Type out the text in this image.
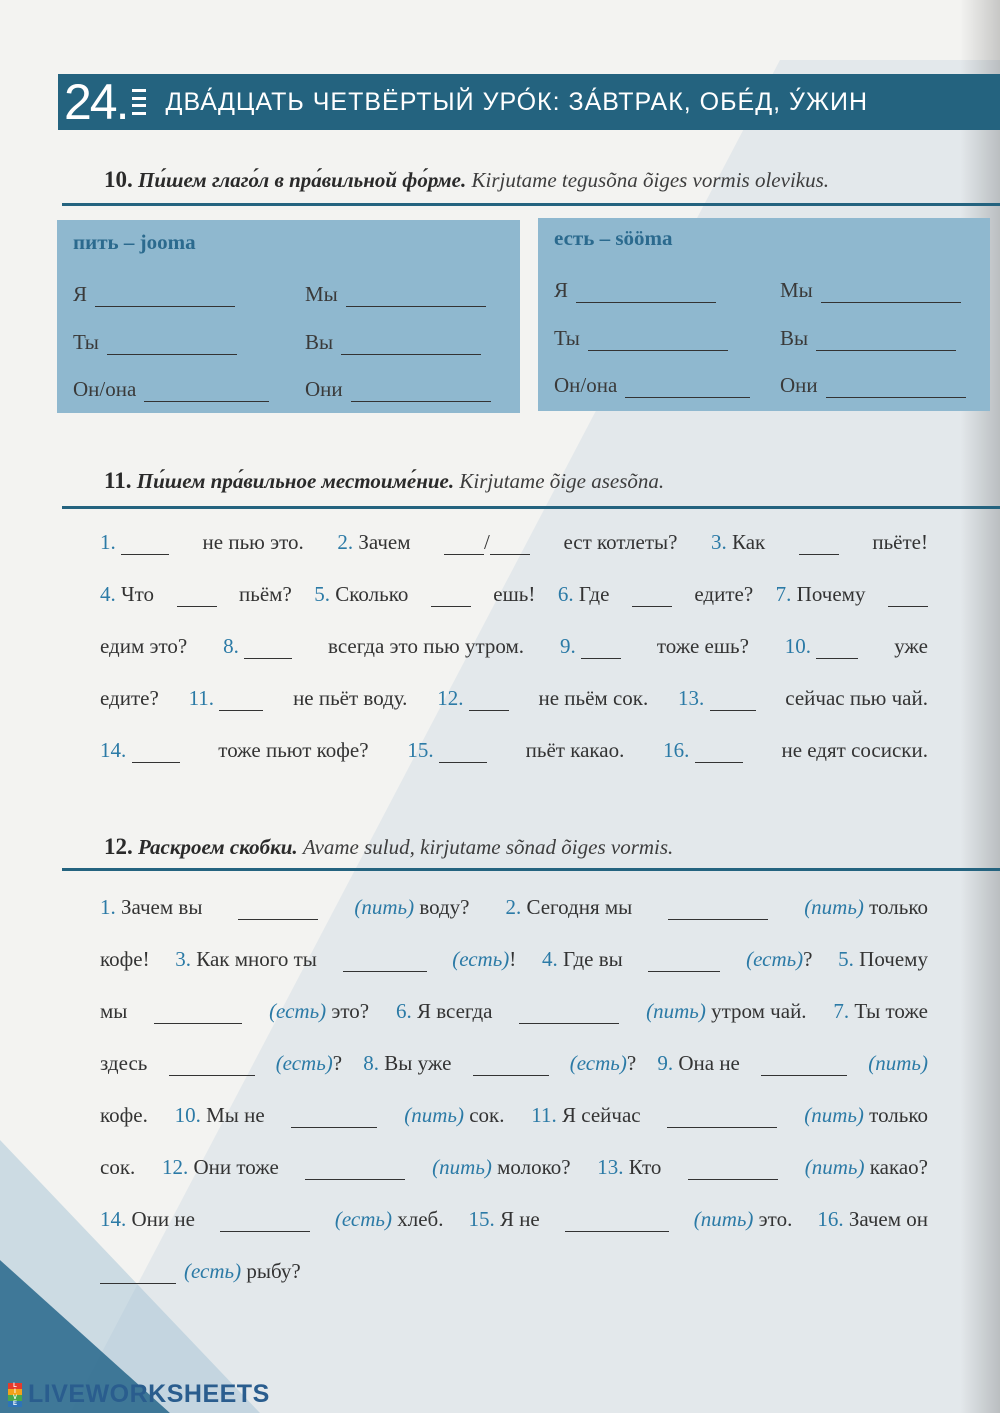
24. ДВА́ДЦАТЬ ЧЕТВЁРТЫЙ УРО́К: ЗА́ВТРАК, ОБЕ́Д, У́ЖИН
10. Пи́шем глаго́л в пра́вильной фо́рме. Kirjutame tegusõna õiges vormis olevikus.
пить – jooma
Я	Мы
Ты	Вы
Он/она	Они
есть – sööma
Я	Мы
Ты	Вы
Он/она	Они
11. Пи́шем пра́вильное местоиме́ние. Kirjutame õige asesõna.
1.	не пью это. 2. Зачем	/	ест котлеты? 3. Как	пьёте!
4. Что	пьём? 5. Сколько	ешь! 6. Где	едите? 7. Почему
едим это? 8.	всегда это пью утром. 9.	тоже ешь? 10.	уже
едите? 11.	не пьёт воду. 12.	не пьём сок. 13.	сейчас пью чай.
14.	тоже пьют кофе? 15.	пьёт какао. 16.	не едят сосиски.
12. Раскроем скобки. Avame sulud, kirjutame sõnad õiges vormis.
1. Зачем вы	(пить) воду? 2. Сегодня мы	(пить) только
кофе! 3. Как много ты	(есть)! 4. Где вы	(есть)? 5. Почему
мы	(есть) это? 6. Я всегда	(пить) утром чай. 7. Ты тоже
здесь	(есть)? 8. Вы уже	(есть)? 9. Она не	(пить)
кофе. 10. Мы не	(пить) сок. 11. Я сейчас	(пить) только
сок. 12. Они тоже	(пить) молоко? 13. Кто	(пить) какао?
14. Они не	(есть) хлеб. 15. Я не	(пить) это. 16. Зачем он
(есть) рыбу?
L
I
V
E LIVEWORKSHEETS
